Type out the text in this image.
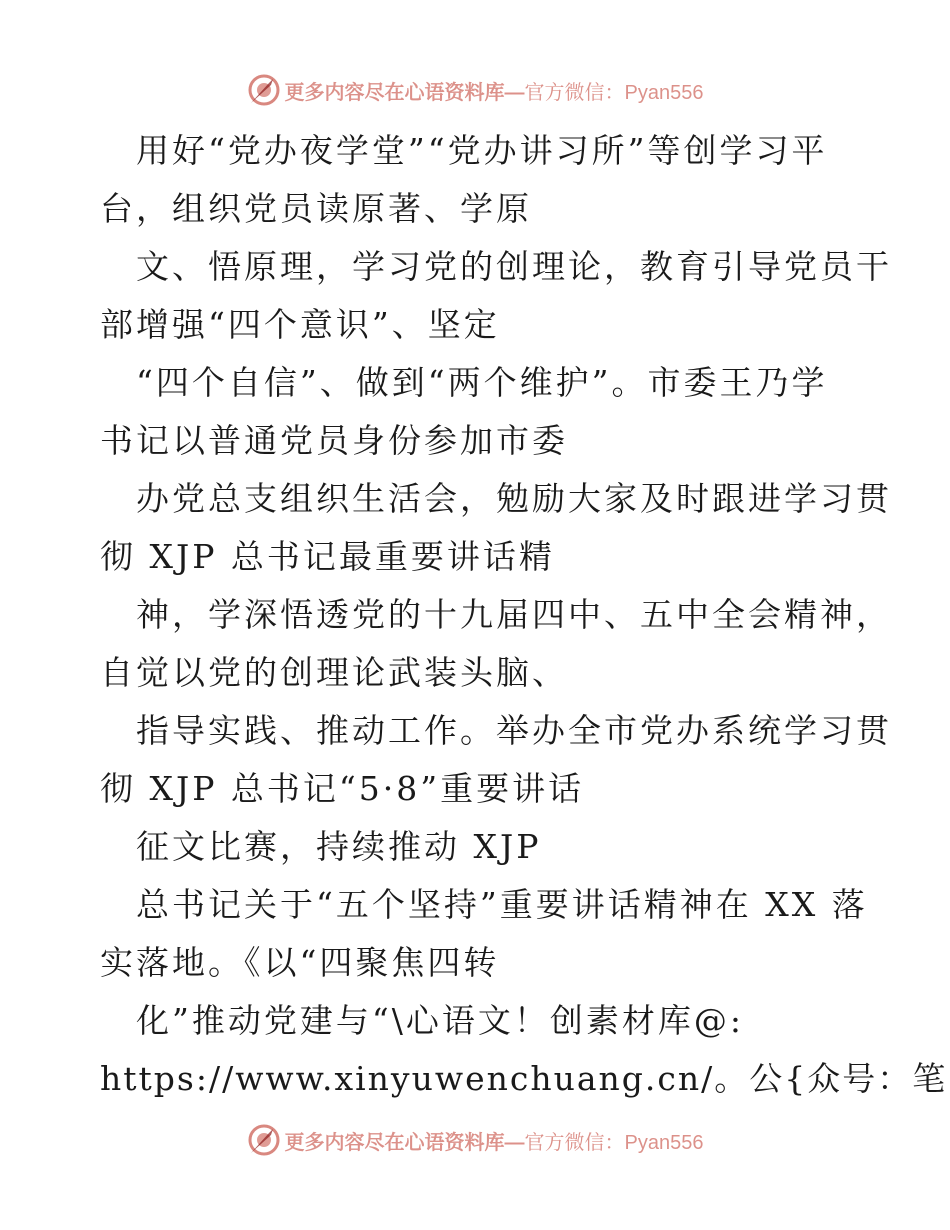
更多内容尽在心语资料库—官方微信：Pyan556
用好“党办夜学堂”“党办讲习所”等创学习平
台，组织党员读原著、学原
文、悟原理，学习党的创理论，教育引导党员干
部增强“四个意识”、坚定
“四个自信”、做到“两个维护”。市委王乃学
书记以普通党员身份参加市委
办党总支组织生活会，勉励大家及时跟进学习贯
彻 XJP 总书记最重要讲话精
神，学深悟透党的十九届四中、五中全会精神，
自觉以党的创理论武装头脑、
指导实践、推动工作。举办全市党办系统学习贯
彻 XJP 总书记“5·8”重要讲话
征文比赛，持续推动 XJP
总书记关于“五个坚持”重要讲话精神在 XX 落
实落地。《以“四聚焦四转
化”推动党建与“\心语文！创素材库@:
https://www.xinyuwenchuang.cn/。公{众号：笔
更多内容尽在心语资料库—官方微信：Pyan556
